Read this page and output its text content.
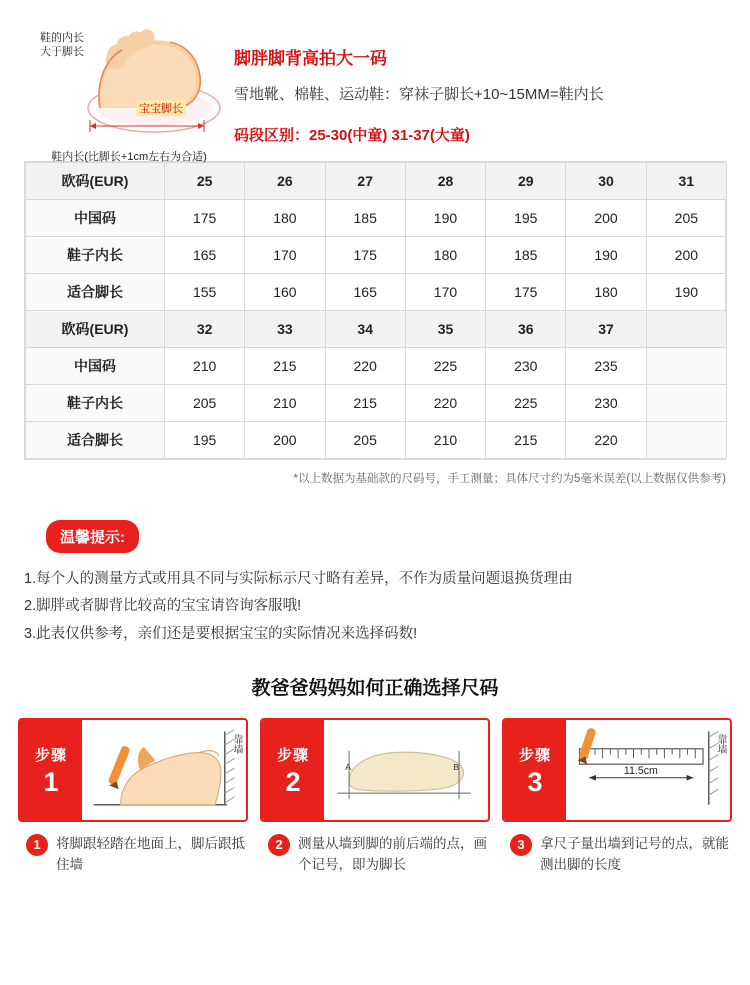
鞋的内长
大于脚长
宝宝脚长
鞋内长(比脚长+1cm左右为合适)
脚胖脚背高拍大一码
雪地靴、棉鞋、运动鞋：穿袜子脚长+10~15MM=鞋内长
码段区别：25-30(中童) 31-37(大童)
欧码(EUR)	25	26	27	28	29	30	31
中国码	175	180	185	190	195	200	205
鞋子内长	165	170	175	180	185	190	200
适合脚长	155	160	165	170	175	180	190
欧码(EUR)	32	33	34	35	36	37	
中国码	210	215	220	225	230	235	
鞋子内长	205	210	215	220	225	230	
适合脚长	195	200	205	210	215	220	
*以上数据为基础款的尺码号，手工测量；具体尺寸约为5毫米误差(以上数据仅供参考)
温馨提示:
1.每个人的测量方式或用具不同与实际标示尺寸略有差异，不作为质量问题退换货理由
2.脚胖或者脚背比较高的宝宝请咨询客服哦!
3.此表仅供参考，亲们还是要根据宝宝的实际情况来选择码数!
教爸爸妈妈如何正确选择尺码
步骤
1
靠墙
1	将脚跟轻踏在地面上，脚后跟抵住墙
步骤
2	A	B
2	测量从墙到脚的前后端的点，画个记号，即为脚长
步骤
3	11.5cm
靠墙
3	拿尺子量出墙到记号的点，就能测出脚的长度
